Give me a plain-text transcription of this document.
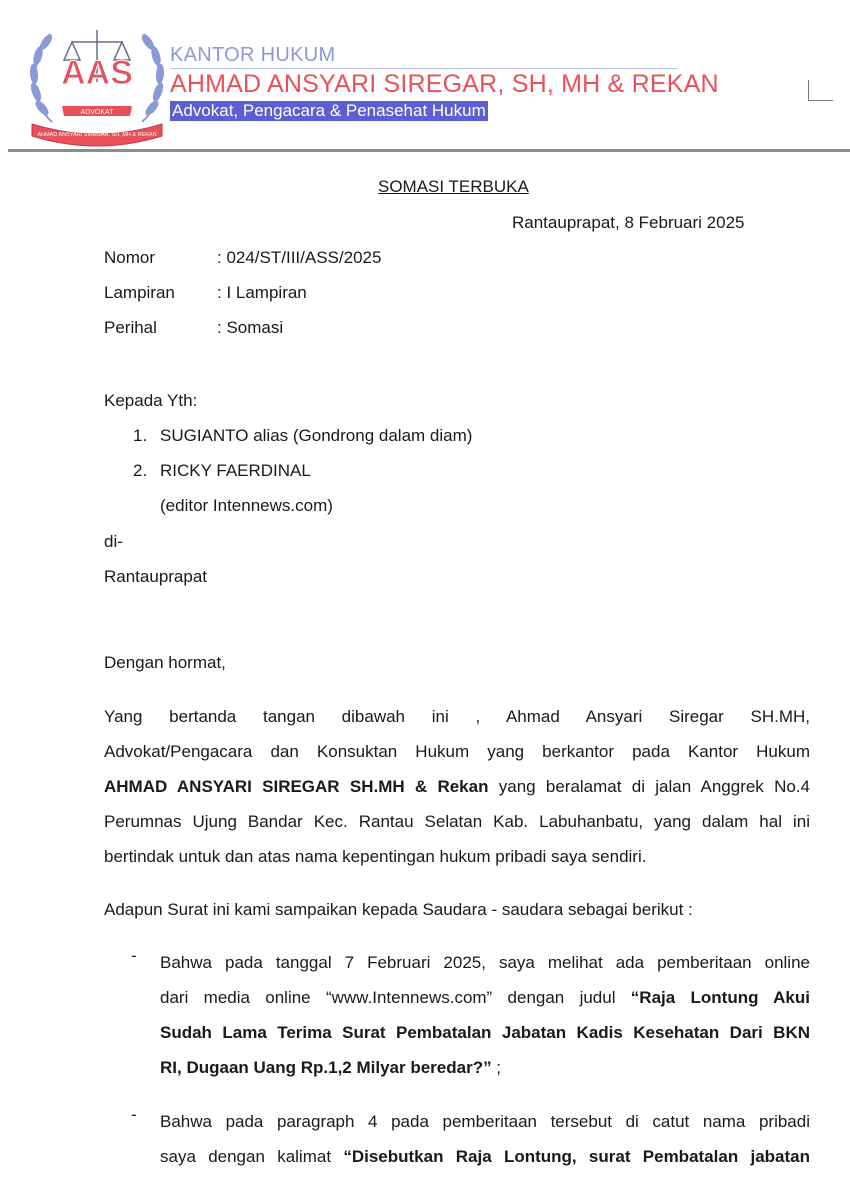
AAS
ADVOKAT
AHMAD ANSYARI SIREGAR, SH, MH & REKAN
KANTOR HUKUM
AHMAD ANSYARI SIREGAR, SH, MH & REKAN
Advokat, Pengacara & Penasehat Hukum
SOMASI TERBUKA
Rantauprapat, 8 Februari 2025
Nomor	: 024/ST/III/ASS/2025
Lampiran : I Lampiran
Perihal	: Somasi
Kepada Yth:
1. SUGIANTO alias (Gondrong dalam diam)
2. RICKY FAERDINAL
(editor Intennews.com)
di-
Rantauprapat
Dengan hormat,
Yang bertanda tangan dibawah ini , Ahmad Ansyari Siregar SH.MH,
Advokat/Pengacara dan Konsuktan Hukum yang berkantor pada Kantor Hukum
AHMAD ANSYARI SIREGAR SH.MH & Rekan yang beralamat di jalan Anggrek No.4
Perumnas Ujung Bandar Kec. Rantau Selatan Kab. Labuhanbatu, yang dalam hal ini
bertindak untuk dan atas nama kepentingan hukum pribadi saya sendiri.
Adapun Surat ini kami sampaikan kepada Saudara - saudara sebagai berikut :
- Bahwa pada tanggal 7 Februari 2025, saya melihat ada pemberitaan online
dari media online “www.Intennews.com” dengan judul “Raja Lontung Akui
Sudah Lama Terima Surat Pembatalan Jabatan Kadis Kesehatan Dari BKN
RI, Dugaan Uang Rp.1,2 Milyar beredar?” ;
- Bahwa pada paragraph 4 pada pemberitaan tersebut di catut nama pribadi
saya dengan kalimat “Disebutkan Raja Lontung, surat Pembatalan jabatan
